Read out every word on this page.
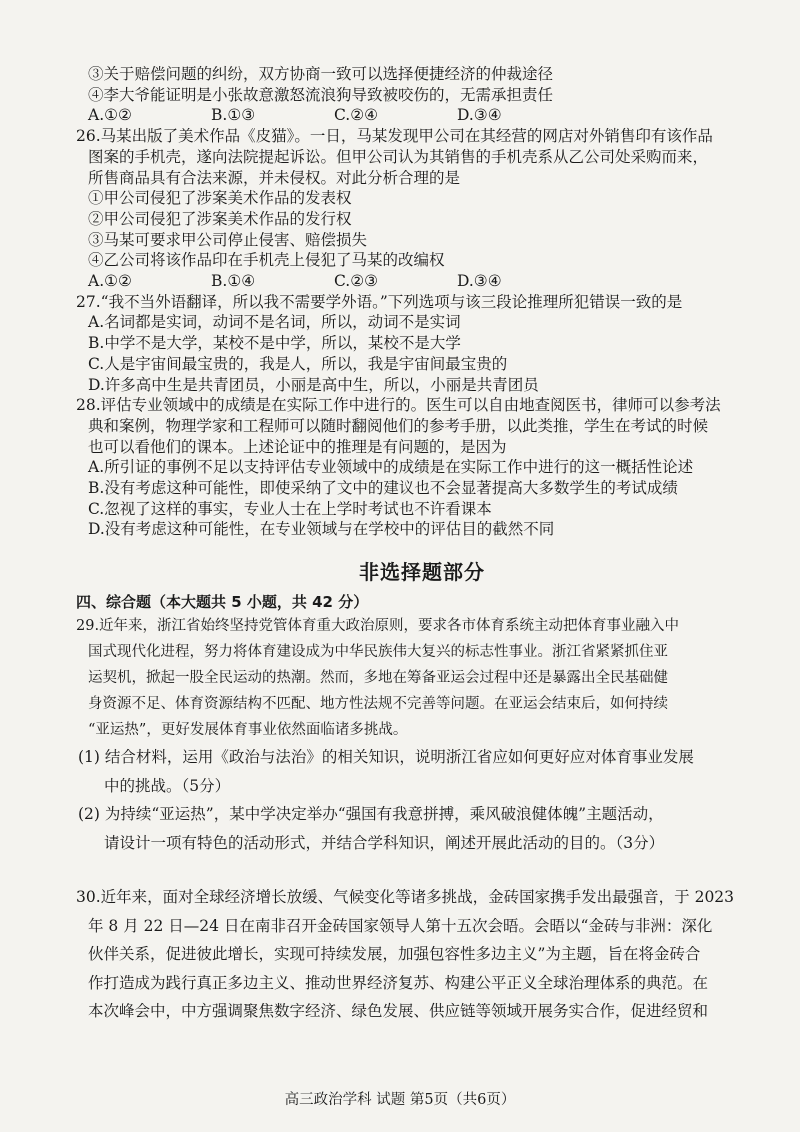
③关于赔偿问题的纠纷，双方协商一致可以选择便捷经济的仲裁途径
④李大爷能证明是小张故意激怒流浪狗导致被咬伤的，无需承担责任
A.①②	B.①③	C.②④	D.③④
26.马某出版了美术作品《皮猫》。一日，马某发现甲公司在其经营的网店对外销售印有该作品
图案的手机壳，遂向法院提起诉讼。但甲公司认为其销售的手机壳系从乙公司处采购而来，
所售商品具有合法来源，并未侵权。对此分析合理的是
①甲公司侵犯了涉案美术作品的发表权
②甲公司侵犯了涉案美术作品的发行权
③马某可要求甲公司停止侵害、赔偿损失
④乙公司将该作品印在手机壳上侵犯了马某的改编权
A.①②	B.①④	C.②③	D.③④
27.“我不当外语翻译，所以我不需要学外语。”下列选项与该三段论推理所犯错误一致的是
A.名词都是实词，动词不是名词，所以，动词不是实词
B.中学不是大学，某校不是中学，所以，某校不是大学
C.人是宇宙间最宝贵的，我是人，所以，我是宇宙间最宝贵的
D.许多高中生是共青团员，小丽是高中生，所以，小丽是共青团员
28.评估专业领域中的成绩是在实际工作中进行的。医生可以自由地查阅医书，律师可以参考法
典和案例，物理学家和工程师可以随时翻阅他们的参考手册，以此类推，学生在考试的时候
也可以看他们的课本。上述论证中的推理是有问题的，是因为
A.所引证的事例不足以支持评估专业领域中的成绩是在实际工作中进行的这一概括性论述
B.没有考虑这种可能性，即使采纳了文中的建议也不会显著提高大多数学生的考试成绩
C.忽视了这样的事实，专业人士在上学时考试也不许看课本
D.没有考虑这种可能性，在专业领域与在学校中的评估目的截然不同
非选择题部分
四、综合题（本大题共 5 小题，共 42 分）
29.近年来，浙江省始终坚持党管体育重大政治原则，要求各市体育系统主动把体育事业融入中
国式现代化进程，努力将体育建设成为中华民族伟大复兴的标志性事业。浙江省紧紧抓住亚
运契机，掀起一股全民运动的热潮。然而，多地在筹备亚运会过程中还是暴露出全民基础健
身资源不足、体育资源结构不匹配、地方性法规不完善等问题。在亚运会结束后，如何持续
“亚运热”，更好发展体育事业依然面临诸多挑战。
(1) 结合材料，运用《政治与法治》的相关知识，说明浙江省应如何更好应对体育事业发展
中的挑战。（5分）
(2) 为持续“亚运热”，某中学决定举办“强国有我意拼搏，乘风破浪健体魄”主题活动，
请设计一项有特色的活动形式，并结合学科知识，阐述开展此活动的目的。（3分）
30.近年来，面对全球经济增长放缓、气候变化等诸多挑战，金砖国家携手发出最强音，于 2023
年 8 月 22 日—24 日在南非召开金砖国家领导人第十五次会晤。会晤以“金砖与非洲：深化
伙伴关系，促进彼此增长，实现可持续发展，加强包容性多边主义”为主题，旨在将金砖合
作打造成为践行真正多边主义、推动世界经济复苏、构建公平正义全球治理体系的典范。在
本次峰会中，中方强调聚焦数字经济、绿色发展、供应链等领域开展务实合作，促进经贸和
高三政治学科 试题 第5页（共6页）
